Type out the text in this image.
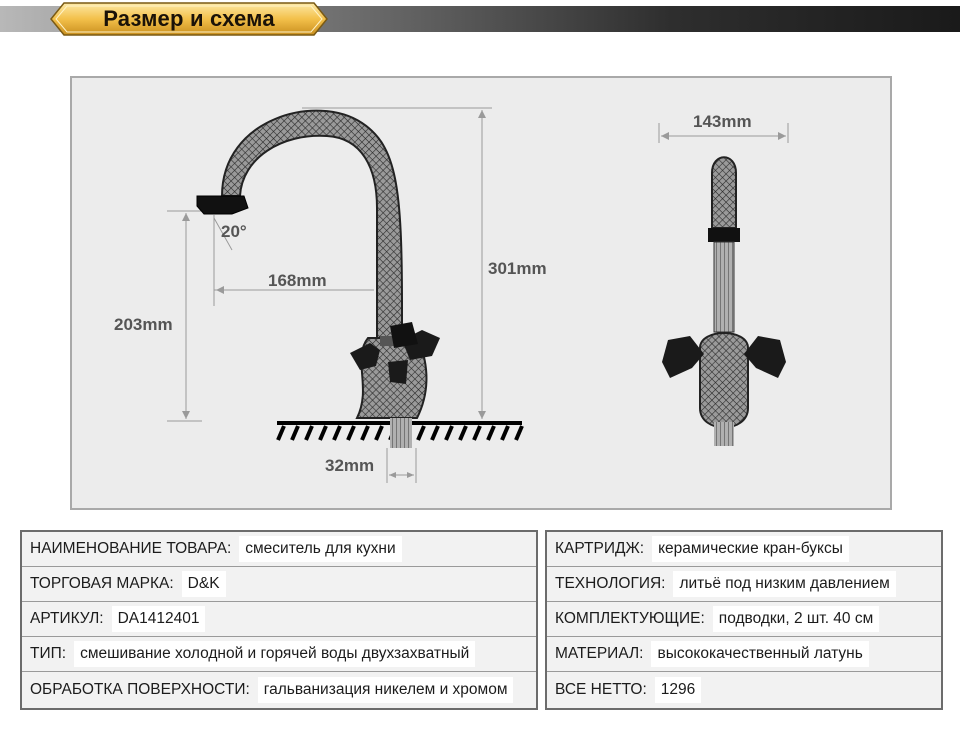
Размер и схема
20°
168mm
203mm
301mm
32mm
143mm
НАИМЕНОВАНИЕ ТОВАРА: смеситель для кухни
ТОРГОВАЯ МАРКА: D&K
АРТИКУЛ: DA1412401
ТИП: смешивание холодной и горячей воды двухзахватный
ОБРАБОТКА ПОВЕРХНОСТИ: гальванизация никелем и хромом
КАРТРИДЖ: керамические кран-буксы
ТЕХНОЛОГИЯ: литьё под низким давлением
КОМПЛЕКТУЮЩИЕ: подводки, 2 шт. 40 см
МАТЕРИАЛ: высококачественный латунь
ВСЕ НЕТТО: 1296
